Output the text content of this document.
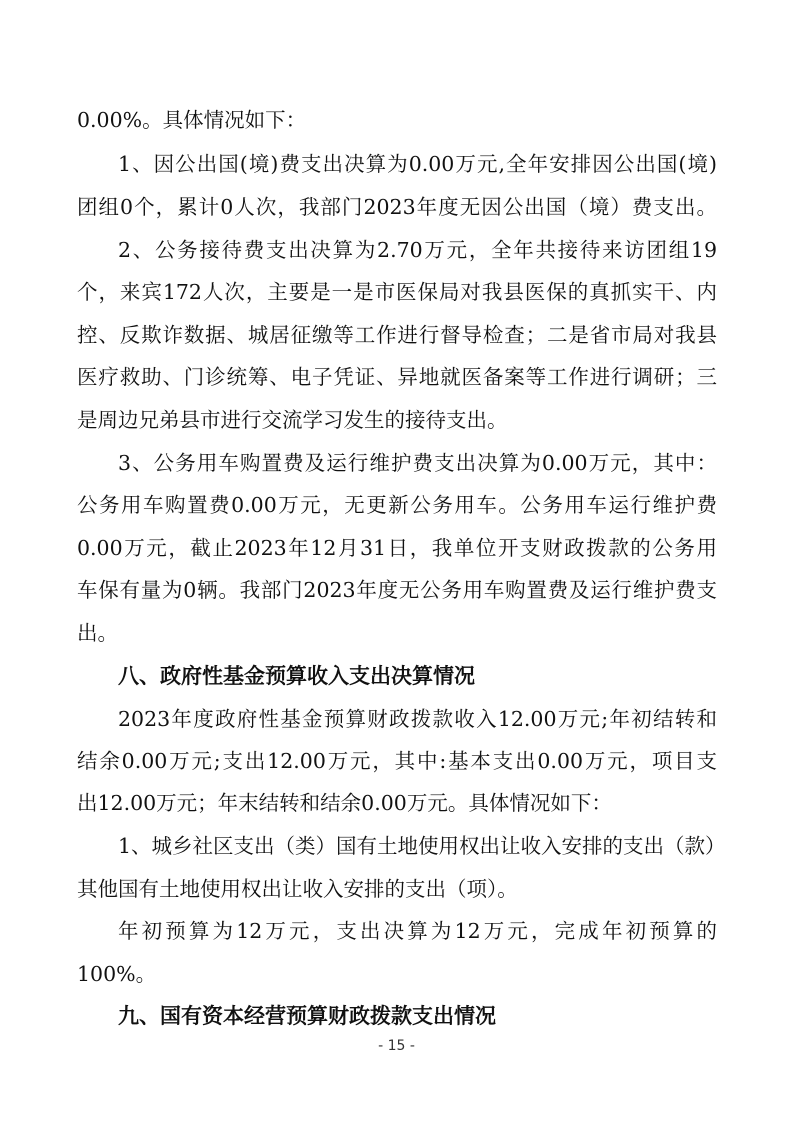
0.00%。具体情况如下：
1、因公出国(境)费支出决算为0.00万元,全年安排因公出国(境)
团组0个，累计0人次，我部门2023年度无因公出国（境）费支出。
2、公务接待费支出决算为2.70万元，全年共接待来访团组19
个，来宾172人次，主要是一是市医保局对我县医保的真抓实干、内
控、反欺诈数据、城居征缴等工作进行督导检查；二是省市局对我县
医疗救助、门诊统筹、电子凭证、异地就医备案等工作进行调研；三
是周边兄弟县市进行交流学习发生的接待支出。
3、公务用车购置费及运行维护费支出决算为0.00万元，其中：
公务用车购置费0.00万元，无更新公务用车。公务用车运行维护费
0.00万元，截止2023年12月31日，我单位开支财政拨款的公务用
车保有量为0辆。我部门2023年度无公务用车购置费及运行维护费支
出。
八、政府性基金预算收入支出决算情况
2023年度政府性基金预算财政拨款收入12.00万元;年初结转和
结余0.00万元;支出12.00万元，其中:基本支出0.00万元，项目支
出12.00万元；年末结转和结余0.00万元。具体情况如下：
1、城乡社区支出（类）国有土地使用权出让收入安排的支出（款）
其他国有土地使用权出让收入安排的支出（项）。
年初预算为12万元，支出决算为12万元，完成年初预算的
100%。
九、国有资本经营预算财政拨款支出情况
- 15 -
